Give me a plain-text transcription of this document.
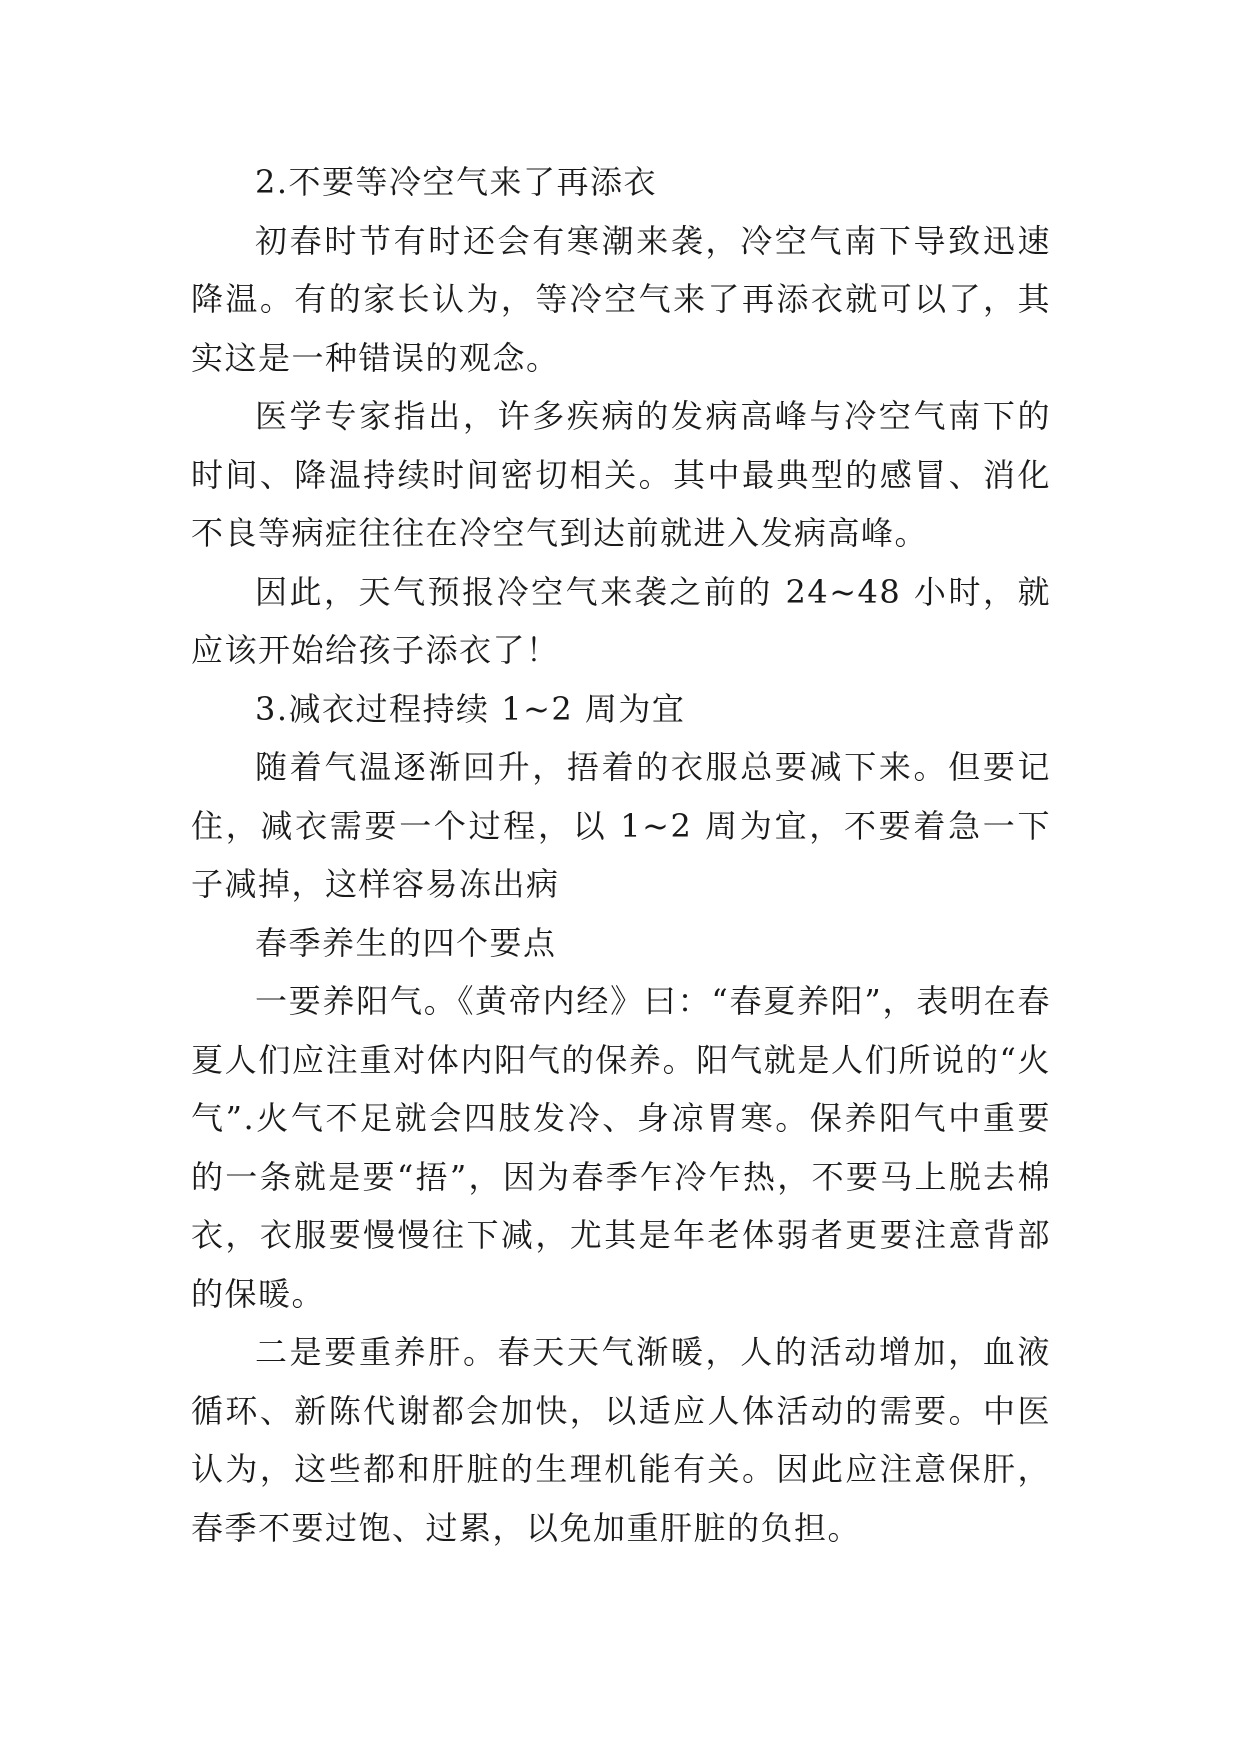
2.不要等冷空气来了再添衣

初春时节有时还会有寒潮来袭，冷空气南下导致迅速降温。有的家长认为，等冷空气来了再添衣就可以了，其实这是一种错误的观念。

医学专家指出，许多疾病的发病高峰与冷空气南下的时间、降温持续时间密切相关。其中最典型的感冒、消化不良等病症往往在冷空气到达前就进入发病高峰。

因此，天气预报冷空气来袭之前的 24~48 小时，就应该开始给孩子添衣了！

3.减衣过程持续 1~2 周为宜

随着气温逐渐回升，捂着的衣服总要减下来。但要记住，减衣需要一个过程，以 1~2 周为宜，不要着急一下子减掉，这样容易冻出病

春季养生的四个要点

一要养阳气。《黄帝内经》曰：“春夏养阳”，表明在春夏人们应注重对体内阳气的保养。阳气就是人们所说的“火气”.火气不足就会四肢发冷、身凉胃寒。保养阳气中重要的一条就是要“捂”，因为春季乍冷乍热，不要马上脱去棉衣，衣服要慢慢往下减，尤其是年老体弱者更要注意背部的保暖。

二是要重养肝。春天天气渐暖，人的活动增加，血液循环、新陈代谢都会加快，以适应人体活动的需要。中医认为，这些都和肝脏的生理机能有关。因此应注意保肝，春季不要过饱、过累，以免加重肝脏的负担。
